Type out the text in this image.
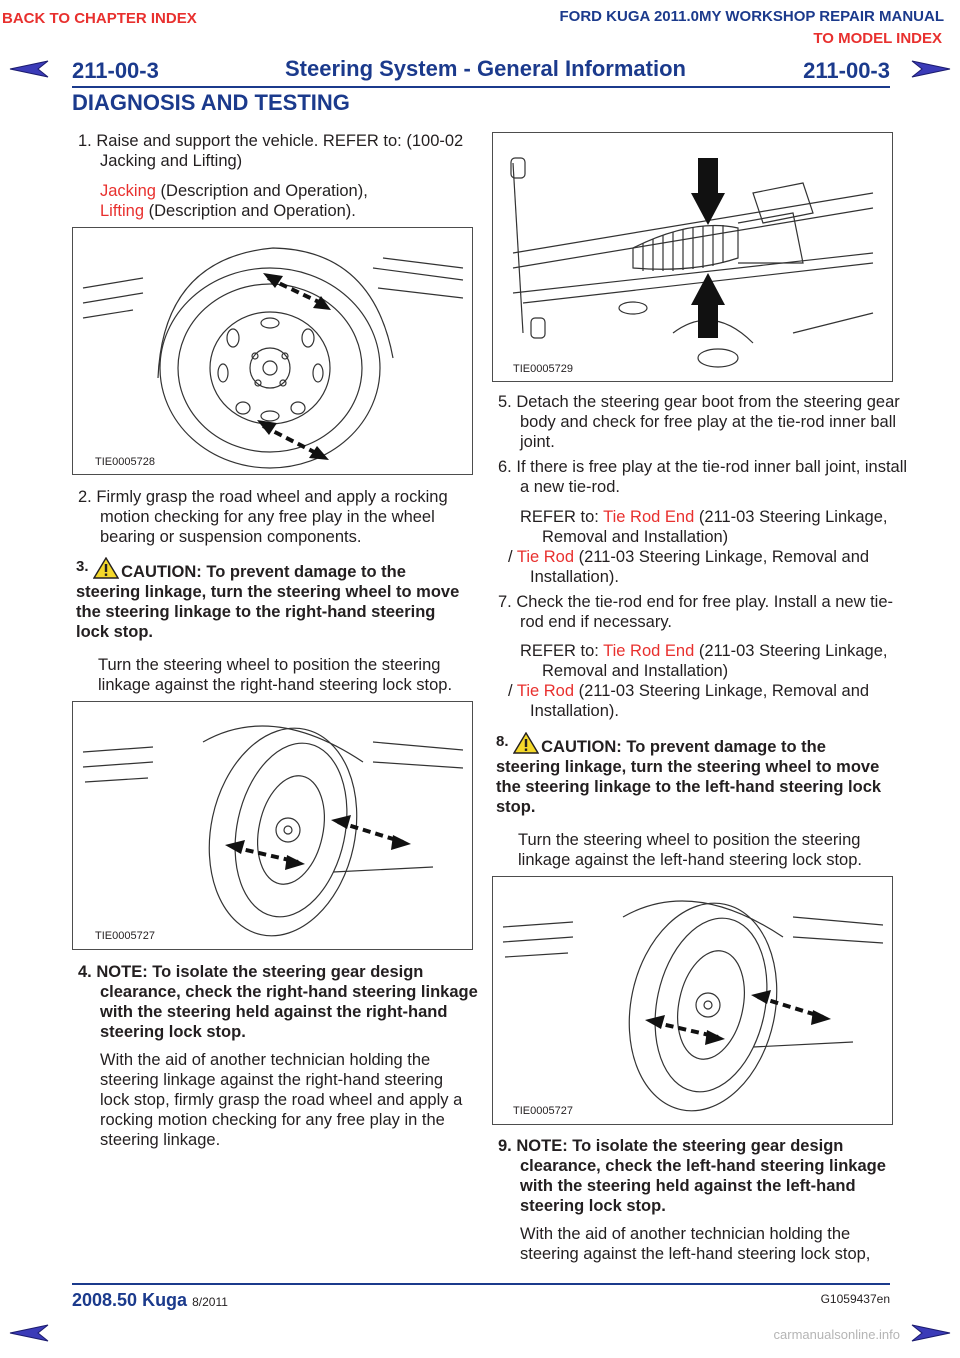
BACK TO CHAPTER INDEX	FORD KUGA 2011.0MY WORKSHOP REPAIR MANUAL
TO MODEL INDEX
211-00-3	Steering System - General Information	211-00-3
DIAGNOSIS AND TESTING
1. Raise and support the vehicle. REFER to: (100-02 Jacking and Lifting)
Jacking (Description and Operation),
Lifting (Description and Operation).
TIE0005728
2. Firmly grasp the road wheel and apply a rocking motion checking for any free play in the wheel bearing or suspension components.
3. CAUTION: To prevent damage to the steering linkage, turn the steering wheel to move the steering linkage to the right-hand steering lock stop.
Turn the steering wheel to position the steering linkage against the right-hand steering lock stop.
TIE0005727
4. NOTE: To isolate the steering gear design clearance, check the right-hand steering linkage with the steering held against the right-hand steering lock stop.
With the aid of another technician holding the steering linkage against the right-hand steering lock stop, firmly grasp the road wheel and apply a rocking motion checking for any free play in the steering linkage.
TIE0005729
5. Detach the steering gear boot from the steering gear body and check for free play at the tie-rod inner ball joint.
6. If there is free play at the tie-rod inner ball joint, install a new tie-rod.
REFER to: Tie Rod End (211-03 Steering Linkage, Removal and Installation)
/ Tie Rod (211-03 Steering Linkage, Removal and Installation).
7. Check the tie-rod end for free play. Install a new tie-rod end if necessary.
REFER to: Tie Rod End (211-03 Steering Linkage, Removal and Installation)
/ Tie Rod (211-03 Steering Linkage, Removal and Installation).
8. CAUTION: To prevent damage to the steering linkage, turn the steering wheel to move the steering linkage to the left-hand steering lock stop.
Turn the steering wheel to position the steering linkage against the left-hand steering lock stop.
TIE0005727
9. NOTE: To isolate the steering gear design clearance, check the left-hand steering linkage with the steering held against the left-hand steering lock stop.
With the aid of another technician holding the steering against the left-hand steering lock stop,
2008.50 Kuga 8/2011	G1059437en
carmanualsonline.info
